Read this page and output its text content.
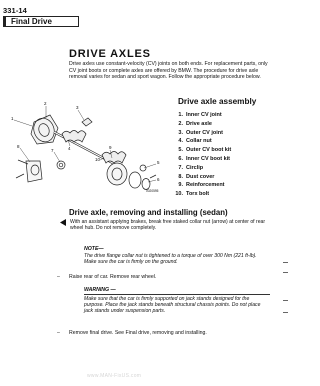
331-14
Final Drive
DRIVE AXLES

Drive axles use constant-velocity (CV) joints on both ends. For replacement parts, only CV joint boots or complete axles are offered by BMW. The procedure for drive axle removal varies for sedan and sport wagon. Follow the appropriate procedure below.

1
2
3
4
5
6
7
8	9
10
0020595
Drive axle assembly
1. Inner CV joint
2. Drive axle
3. Outer CV joint
4. Collar nut
5. Outer CV boot kit
6. Inner CV boot kit
7. Circlip
8. Dust cover
9. Reinforcement
10. Torx bolt
Drive axle, removing and installing (sedan)

With an assistant applying brakes, break free staked collar nut (arrow) at center of rear wheel hub. Do not remove completely.

NOTE—
The drive flange collar nut is tightened to a torque of over 300 Nm (221 ft-lb). Make sure the car is firmly on the ground.
– Raise rear of car. Remove rear wheel.
WARNING —
Make sure that the car is firmly supported on jack stands designed for the purpose. Place the jack stands beneath structural chassis points. Do not place jack stands under suspension parts.
– Remove final drive. See Final drive, removing and installing.
www.MAN-FixUS.com
